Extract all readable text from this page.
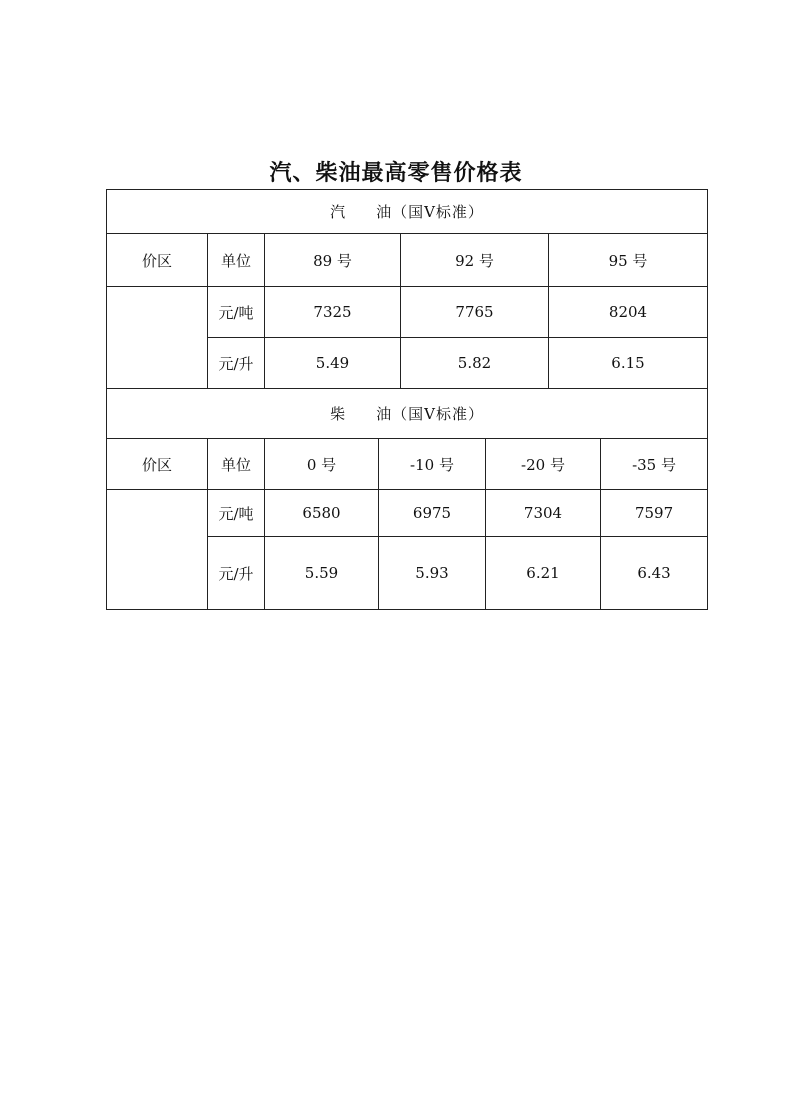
汽、柴油最高零售价格表
汽 油（国Ⅴ标准）				
价区	单位	89 号	92 号	95 号
	元/吨	7325	7765	8204
	元/升	5.49	5.82	6.15
柴 油（国Ⅴ标准）					
价区	单位	0 号	-10 号	-20 号	-35 号
	元/吨	6580	6975	7304	7597
	元/升	5.59	5.93	6.21	6.43
